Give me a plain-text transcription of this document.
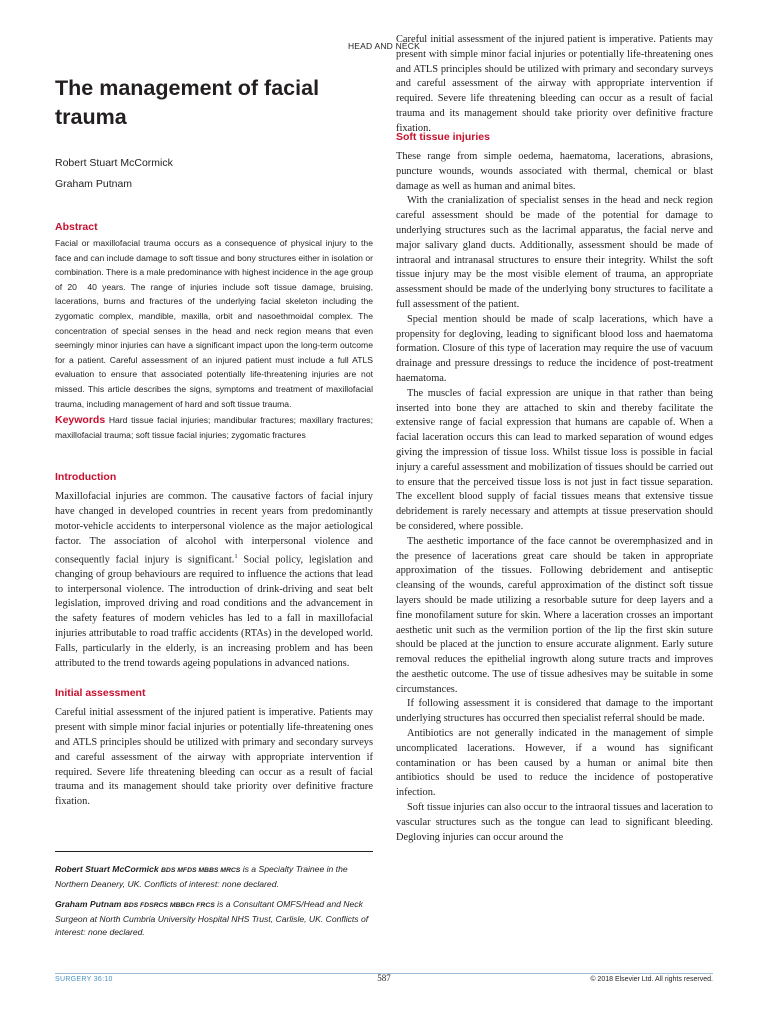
HEAD AND NECK
The management of facial trauma
Robert Stuart McCormick
Graham Putnam
Abstract
Facial or maxillofacial trauma occurs as a consequence of physical injury to the face and can include damage to soft tissue and bony structures either in isolation or combination. There is a male predominance with highest incidence in the age group of 20  40 years. The range of injuries include soft tissue damage, bruising, lacerations, burns and fractures of the underlying facial skeleton including the zygomatic complex, mandible, maxilla, orbit and nasoethmoidal complex. The concentration of special senses in the head and neck region means that even seemingly minor injuries can have a significant impact upon the long-term outcome for a patient. Careful assessment of an injured patient must include a full ATLS evaluation to ensure that associated potentially life-threatening injuries are not missed. This article describes the signs, symptoms and treatment of maxillofacial trauma, including management of hard and soft tissue trauma.
Keywords Hard tissue facial injuries; mandibular fractures; maxillary fractures; maxillofacial trauma; soft tissue facial injuries; zygomatic fractures
Introduction

Maxillofacial injuries are common. The causative factors of facial injury have changed in developed countries in recent years from predominantly motor-vehicle accidents to interpersonal violence as the major aetiological factor. The association of alcohol with interpersonal violence and consequently facial injury is significant.$^1$ Social policy, legislation and changing of group behaviours are required to influence the actions that lead to interpersonal violence. The introduction of drink-driving and seat belt legislation, improved driving and road conditions and the advancement in the safety features of modern vehicles has led to a fall in maxillofacial injuries attributable to road traffic accidents (RTAs) in the developed world. Falls, particularly in the elderly, is an increasing problem and has been attributed to the trend towards ageing populations in advanced nations.

Initial assessment

Careful initial assessment of the injured patient is imperative. Patients may present with simple minor facial injuries or potentially life-threatening ones and ATLS principles should be utilized with primary and secondary surveys and careful assessment of the airway with appropriate intervention if required. Severe life threatening bleeding can occur as a result of facial trauma and its management should take priority over definitive fracture fixation.

Robert Stuart McCormick BDS MFDS MBBS MRCS is a Specialty Trainee in the Northern Deanery, UK. Conflicts of interest: none declared.
Graham Putnam BDS FDSRCS MBBCh FRCS is a Consultant OMFS/Head and Neck Surgeon at North Cumbria University Hospital NHS Trust, Carlisle, UK. Conflicts of interest: none declared.

Careful initial assessment of the injured patient is imperative. Patients may present with simple minor facial injuries or potentially life-threatening ones and ATLS principles should be utilized with primary and secondary surveys and careful assessment of the airway with appropriate intervention if required. Severe life threatening bleeding can occur as a result of facial trauma and its management should take priority over definitive fracture fixation.

Soft tissue injuries

These range from simple oedema, haematoma, lacerations, abrasions, puncture wounds, wounds associated with thermal, chemical or blast damage as well as human and animal bites.

With the cranialization of specialist senses in the head and neck region careful assessment should be made of the potential for damage to underlying structures such as the lacrimal apparatus, the facial nerve and major salivary gland ducts. Additionally, assessment should be made of intraoral and intranasal structures to ensure their integrity. Whilst the soft tissue injury may be the most visible element of trauma, an appropriate assessment should be made of the underlying bony structures to facilitate a full assessment of the patient.

Special mention should be made of scalp lacerations, which have a propensity for degloving, leading to significant blood loss and haematoma formation. Closure of this type of laceration may require the use of vacuum drainage and pressure dressings to reduce the incidence of post-treatment haematoma.

The muscles of facial expression are unique in that rather than being inserted into bone they are attached to skin and thereby facilitate the extensive range of facial expression that humans are capable of. When a facial laceration occurs this can lead to marked separation of wound edges giving the impression of tissue loss. Whilst tissue loss is possible in facial injury a careful assessment and mobilization of tissues should be carried out to ensure that the perceived tissue loss is not just in fact tissue separation. The excellent blood supply of facial tissues means that extensive tissue debridement is rarely necessary and attempts at tissue preservation should be considered, where possible.

The aesthetic importance of the face cannot be overemphasized and in the presence of lacerations great care should be taken in appropriate approximation of the tissues. Following debridement and antiseptic cleansing of the wounds, careful approximation of the distinct soft tissue layers should be made utilizing a resorbable suture for deep layers and a fine monofilament suture for skin. Where a laceration crosses an important aesthetic unit such as the vermilion portion of the lip the first skin suture should be placed at the junction to ensure accurate alignment. Early suture removal reduces the epithelial ingrowth along suture tracts and improves the aesthetic outcome. The use of tissue adhesives may be suitable in some circumstances.

If following assessment it is considered that damage to the important underlying structures has occurred then specialist referral should be made.

Antibiotics are not generally indicated in the management of simple uncomplicated lacerations. However, if a wound has significant contamination or has been caused by a human or animal bite then antibiotics should be used to reduce the incidence of postoperative infection.

Soft tissue injuries can also occur to the intraoral tissues and laceration to vascular structures such as the tongue can lead to significant bleeding. Degloving injuries can occur around the

SURGERY 36:10	587	© 2018 Elsevier Ltd. All rights reserved.
